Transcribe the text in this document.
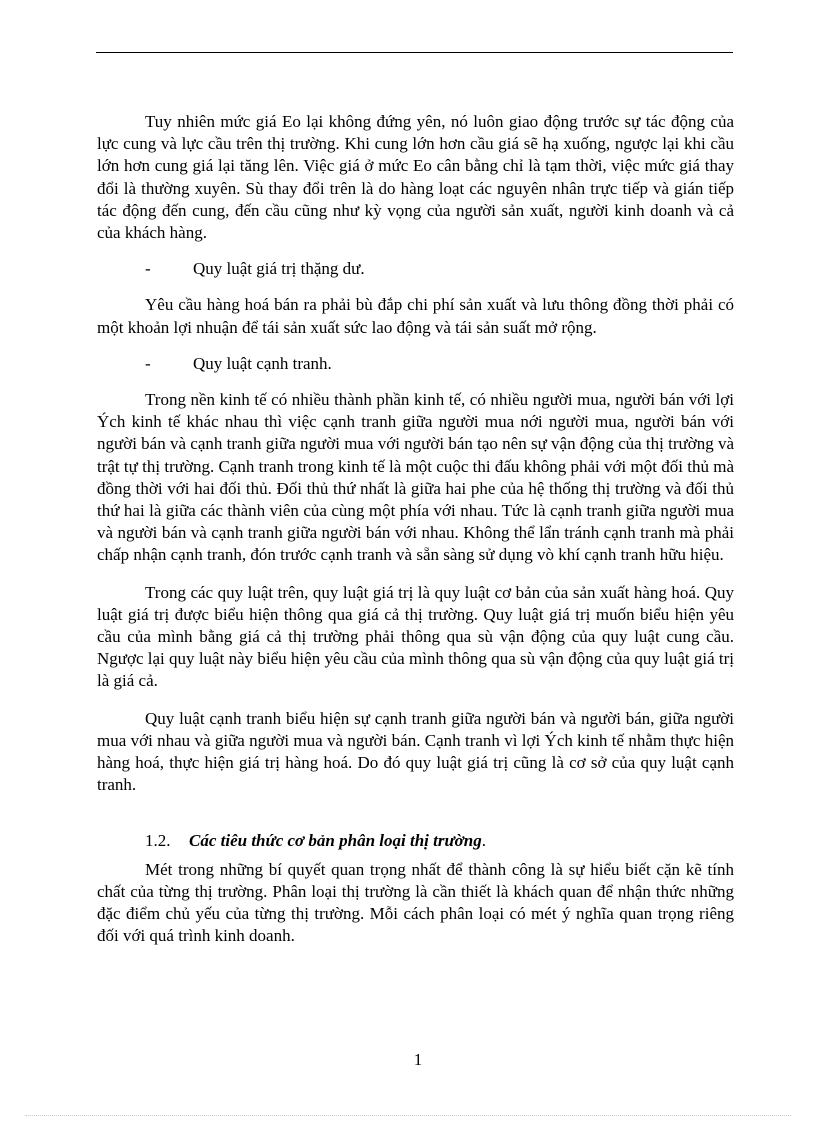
Tuy nhiên mức giá Eo lại không đứng yên, nó luôn giao động trước sự tác động của lực cung và lực cầu trên thị trường. Khi cung lớn hơn cầu giá sẽ hạ xuống, ngược lại khi cầu lớn hơn cung giá lại tăng lên. Việc giá ở mức Eo cân bằng chỉ là tạm thời, việc mức giá thay đổi là thường xuyên. Sù thay đổi trên là do hàng loạt các nguyên nhân trực tiếp và gián tiếp tác động đến cung, đến cầu cũng như kỳ vọng của người sản xuất, người kinh doanh và cả của khách hàng.

-	Quy luật giá trị thặng dư.

Yêu cầu hàng hoá bán ra phải bù đắp chi phí sản xuất và lưu thông đồng thời phải có một khoản lợi nhuận để tái sản xuất sức lao động và tái sản suất mở rộng.

-	Quy luật cạnh tranh.

Trong nền kinh tế có nhiều thành phần kinh tế, có nhiều người mua, người bán với lợi Ých kinh tế khác nhau thì việc cạnh tranh giữa người mua nới người mua, người bán với người bán và cạnh tranh giữa người mua với người bán tạo nên sự vận động của thị trường và trật tự thị trường. Cạnh tranh trong kinh tế là một cuộc thi đấu không phải với một đối thủ mà đồng thời với hai đối thủ. Đối thủ thứ nhất là giữa hai phe của hệ thống thị trường và đối thủ thứ hai là giữa các thành viên của cùng một phía với nhau. Tức là cạnh tranh giữa người mua và người bán và cạnh tranh giữa người bán với nhau. Không thể lẩn tránh cạnh tranh mà phải chấp nhận cạnh tranh, đón trước cạnh tranh và sẵn sàng sử dụng vò khí cạnh tranh hữu hiệu.

Trong các quy luật trên, quy luật giá trị là quy luật cơ bản của sản xuất hàng hoá. Quy luật giá trị được biểu hiện thông qua giá cả thị trường. Quy luật giá trị muốn biểu hiện yêu cầu của mình bằng giá cả thị trường phải thông qua sù vận động của quy luật cung cầu. Ngược lại quy luật này biểu hiện yêu cầu của mình thông qua sù vận động của quy luật giá trị là giá cả.

Quy luật cạnh tranh biểu hiện sự cạnh tranh giữa người bán và người bán, giữa người mua với nhau và giữa người mua và người bán. Cạnh tranh vì lợi Ých kinh tế nhằm thực hiện hàng hoá, thực hiện giá trị hàng hoá. Do đó quy luật giá trị cũng là cơ sở của quy luật cạnh tranh.

1.2.	Các tiêu thức cơ bản phân loại thị trường .

Mét trong những bí quyết quan trọng nhất để thành công là sự hiểu biết cặn kẽ tính chất của từng thị trường. Phân loại thị trường là cần thiết là khách quan để nhận thức những đặc điểm chủ yếu của từng thị trường. Mỗi cách phân loại có mét ý nghĩa quan trọng riêng đối với quá trình kinh doanh.

1
